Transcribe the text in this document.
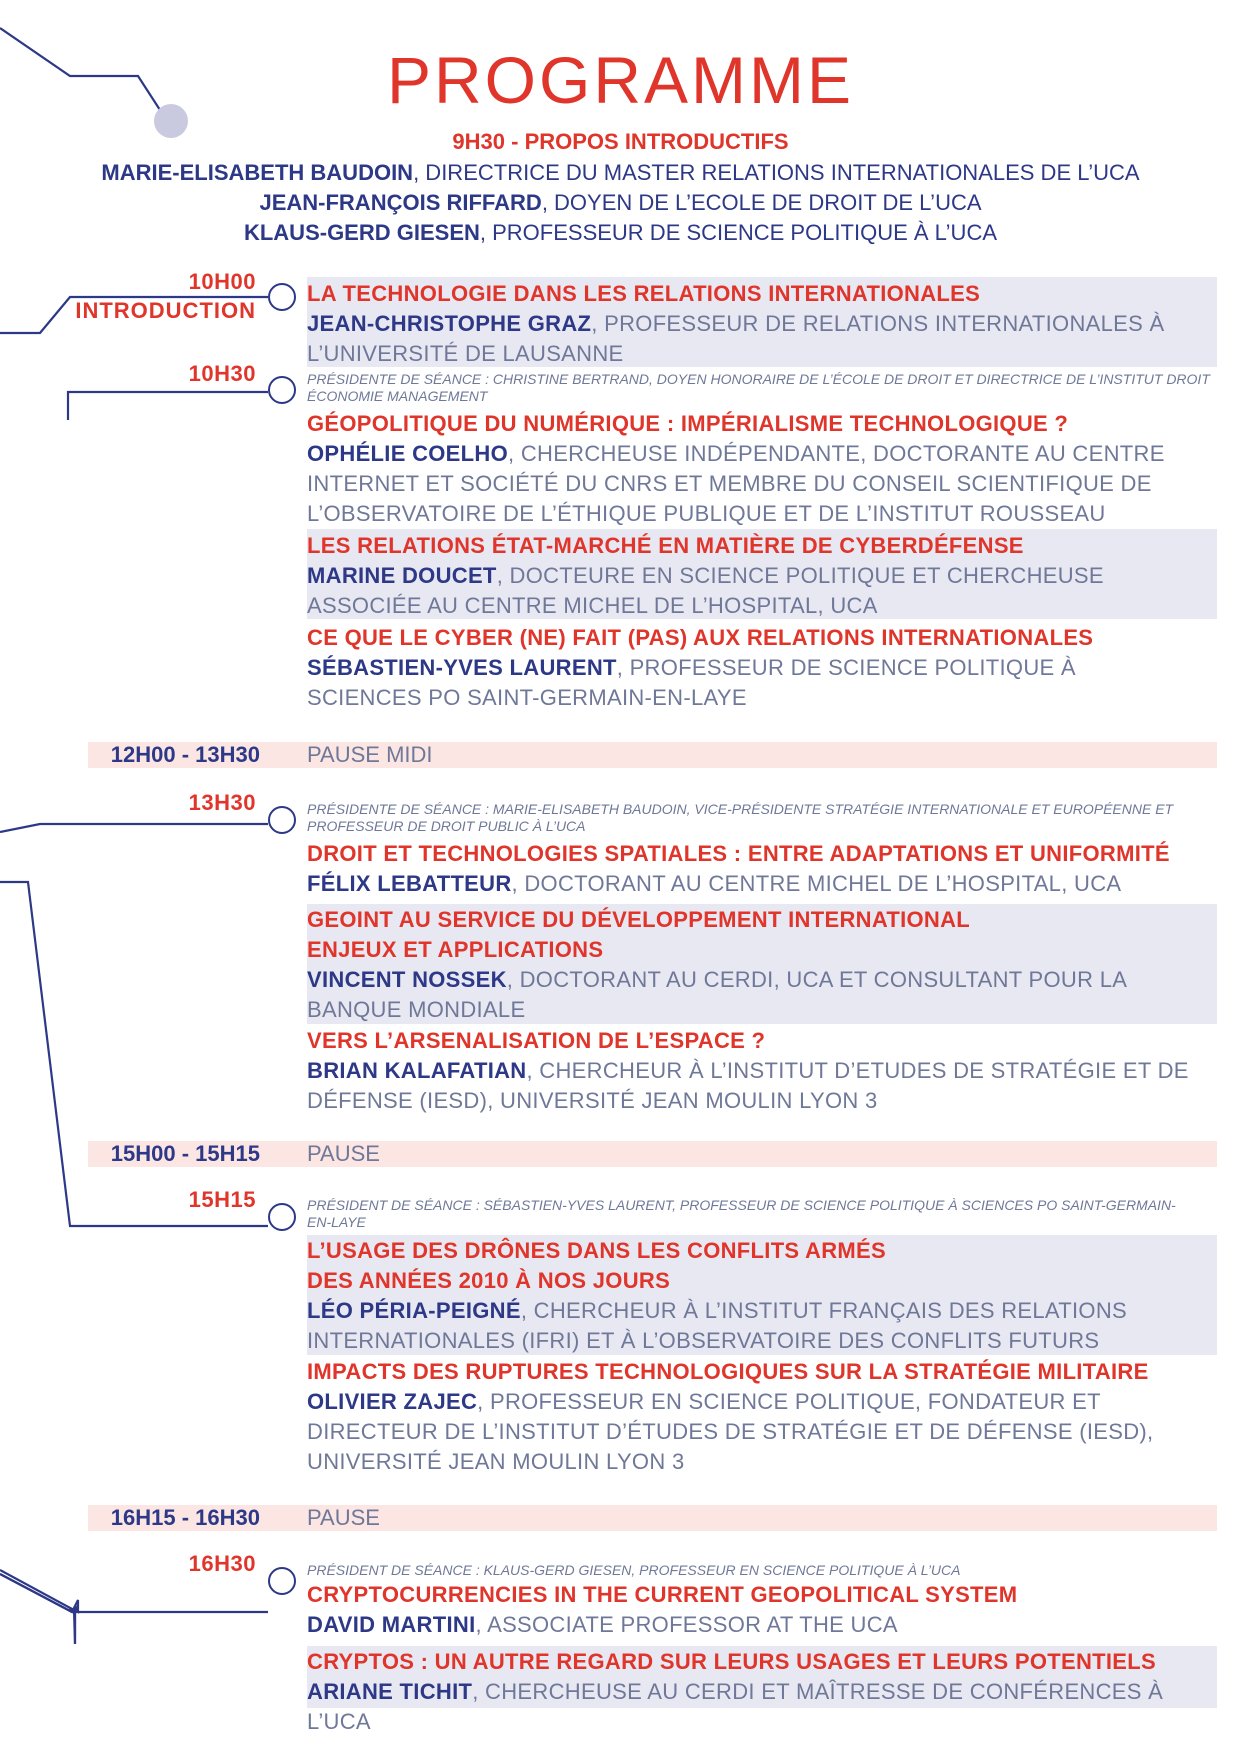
PROGRAMME
9H30 - PROPOS INTRODUCTIFS
MARIE-ELISABETH BAUDOIN, DIRECTRICE DU MASTER RELATIONS INTERNATIONALES DE L’UCA
JEAN-FRANÇOIS RIFFARD, DOYEN DE L’ECOLE DE DROIT DE L’UCA
KLAUS-GERD GIESEN, PROFESSEUR DE SCIENCE POLITIQUE À L’UCA
10H00
INTRODUCTION
LA TECHNOLOGIE DANS LES RELATIONS INTERNATIONALES
JEAN-CHRISTOPHE GRAZ, PROFESSEUR DE RELATIONS INTERNATIONALES À
L’UNIVERSITÉ DE LAUSANNE
10H30	PRÉSIDENTE DE SÉANCE : CHRISTINE BERTRAND, DOYEN HONORAIRE DE L’ÉCOLE DE DROIT ET DIRECTRICE DE L’INSTITUT DROIT
ÉCONOMIE MANAGEMENT
GÉOPOLITIQUE DU NUMÉRIQUE : IMPÉRIALISME TECHNOLOGIQUE ?
OPHÉLIE COELHO, CHERCHEUSE INDÉPENDANTE, DOCTORANTE AU CENTRE
INTERNET ET SOCIÉTÉ DU CNRS ET MEMBRE DU CONSEIL SCIENTIFIQUE DE
L’OBSERVATOIRE DE L’ÉTHIQUE PUBLIQUE ET DE L’INSTITUT ROUSSEAU
LES RELATIONS ÉTAT-MARCHÉ EN MATIÈRE DE CYBERDÉFENSE
MARINE DOUCET, DOCTEURE EN SCIENCE POLITIQUE ET CHERCHEUSE
ASSOCIÉE AU CENTRE MICHEL DE L’HOSPITAL, UCA
CE QUE LE CYBER (NE) FAIT (PAS) AUX RELATIONS INTERNATIONALES
SÉBASTIEN-YVES LAURENT, PROFESSEUR DE SCIENCE POLITIQUE À
SCIENCES PO SAINT-GERMAIN-EN-LAYE
12H00 - 13H30 PAUSE MIDI
13H30	PRÉSIDENTE DE SÉANCE : MARIE-ELISABETH BAUDOIN, VICE-PRÉSIDENTE STRATÉGIE INTERNATIONALE ET EUROPÉENNE ET
PROFESSEUR DE DROIT PUBLIC À L’UCA
DROIT ET TECHNOLOGIES SPATIALES : ENTRE ADAPTATIONS ET UNIFORMITÉ
FÉLIX LEBATTEUR, DOCTORANT AU CENTRE MICHEL DE L’HOSPITAL, UCA
GEOINT AU SERVICE DU DÉVELOPPEMENT INTERNATIONAL
ENJEUX ET APPLICATIONS
VINCENT NOSSEK, DOCTORANT AU CERDI, UCA ET CONSULTANT POUR LA
BANQUE MONDIALE
VERS L’ARSENALISATION DE L’ESPACE ?
BRIAN KALAFATIAN, CHERCHEUR À L’INSTITUT D’ETUDES DE STRATÉGIE ET DE
DÉFENSE (IESD), UNIVERSITÉ JEAN MOULIN LYON 3
15H00 - 15H15 PAUSE
15H15	PRÉSIDENT DE SÉANCE : SÉBASTIEN-YVES LAURENT, PROFESSEUR DE SCIENCE POLITIQUE À SCIENCES PO SAINT-GERMAIN-
EN-LAYE
L’USAGE DES DRÔNES DANS LES CONFLITS ARMÉS
DES ANNÉES 2010 À NOS JOURS
LÉO PÉRIA-PEIGNÉ, CHERCHEUR À L’INSTITUT FRANÇAIS DES RELATIONS
INTERNATIONALES (IFRI) ET À L’OBSERVATOIRE DES CONFLITS FUTURS
IMPACTS DES RUPTURES TECHNOLOGIQUES SUR LA STRATÉGIE MILITAIRE
OLIVIER ZAJEC, PROFESSEUR EN SCIENCE POLITIQUE, FONDATEUR ET
DIRECTEUR DE L’INSTITUT D’ÉTUDES DE STRATÉGIE ET DE DÉFENSE (IESD),
UNIVERSITÉ JEAN MOULIN LYON 3
16H15 - 16H30 PAUSE
16H30	PRÉSIDENT DE SÉANCE : KLAUS-GERD GIESEN, PROFESSEUR EN SCIENCE POLITIQUE À L’UCA
CRYPTOCURRENCIES IN THE CURRENT GEOPOLITICAL SYSTEM
DAVID MARTINI, ASSOCIATE PROFESSOR AT THE UCA
CRYPTOS : UN AUTRE REGARD SUR LEURS USAGES ET LEURS POTENTIELS
ARIANE TICHIT, CHERCHEUSE AU CERDI ET MAÎTRESSE DE CONFÉRENCES À L’UCA
